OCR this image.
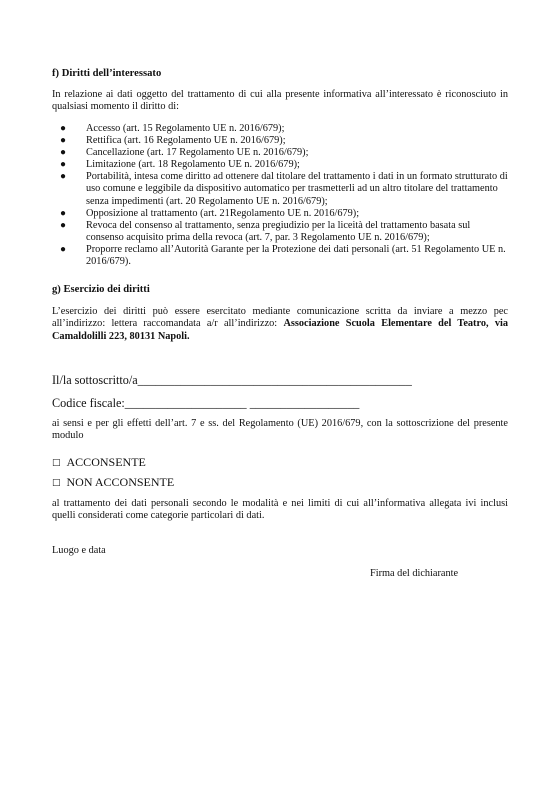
f) Diritti dell’interessato
In relazione ai dati oggetto del trattamento di cui alla presente informativa all’interessato è riconosciuto in qualsiasi momento il diritto di:
● Accesso (art. 15 Regolamento UE n. 2016/679);
● Rettifica (art. 16 Regolamento UE n. 2016/679);
● Cancellazione (art. 17 Regolamento UE n. 2016/679);
● Limitazione (art. 18 Regolamento UE n. 2016/679);
● Portabilità, intesa come diritto ad ottenere dal titolare del trattamento i dati in un formato strutturato di uso comune e leggibile da dispositivo automatico per trasmetterli ad un altro titolare del trattamento senza impedimenti (art. 20 Regolamento UE n. 2016/679);
● Opposizione al trattamento (art. 21Regolamento UE n. 2016/679);
● Revoca del consenso al trattamento, senza pregiudizio per la liceità del trattamento basata sul consenso acquisito prima della revoca (art. 7, par. 3 Regolamento UE n. 2016/679);
● Proporre reclamo all’Autorità Garante per la Protezione dei dati personali (art. 51 Regolamento UE n. 2016/679).
g) Esercizio dei diritti
L’esercizio dei diritti può essere esercitato mediante comunicazione scritta da inviare a mezzo pec all’indirizzo: lettera raccomandata a/r all’indirizzo: Associazione Scuola Elementare del Teatro, via Camaldolilli 223, 80131 Napoli.
Il/la sottoscritto/a_____________________________________________
Codice fiscale:____________________ __________________
ai sensi e per gli effetti dell’art. 7 e ss. del Regolamento (UE) 2016/679, con la sottoscrizione del presente modulo
□ ACCONSENTE
□ NON ACCONSENTE
al trattamento dei dati personali secondo le modalità e nei limiti di cui all’informativa allegata ivi inclusi quelli considerati come categorie particolari di dati.
Luogo e data
Firma del dichiarante
